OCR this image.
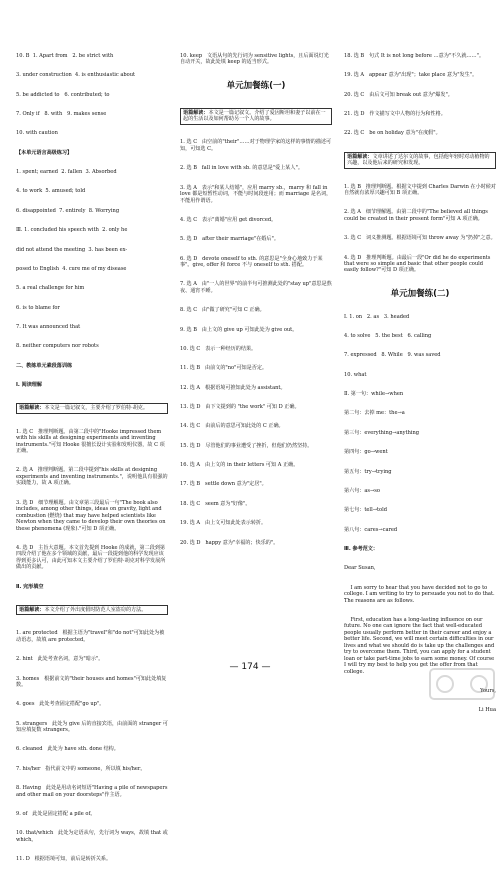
10. B  1. Apart from   2. be strict with

3. under construction  4. is enthusiastic about

5. be addicted to   6. contributed; to

7. Only if   8. with   9. makes sense

10. with caution

【本单元语言高级练习】

1. spent; earned  2. fallen  3. Absorbed

4. to work  5. amused; told

6. disappointed  7. entirely  8. Worrying

Ⅲ. 1. concluded his speech with  2. only he

did not attend the meeting  3. has been ex-

posed to English  4. cure me of my disease

5. a real challenge for him

6. is to blame for

7. It was announced that

8. neither computers nor robots

二、教练单元素段落训练

Ⅰ. 阅读理解

语篇解读：本文是一篇记叙文，主要介绍了罗伯特·胡克。

1. 选 C   推理判断题。由第二段中的"Hooke impressed them with his skills at designing experiments and inventing instruments."可知 Hooke 很擅长设计实验和发明仪器，故 C 项正确。

2. 选 A   推理判断题。第二段中提到"his skills at designing experiments and inventing instruments."，说明他具有很强的实践能力，故 A 项正确。

3. 选 D   细节理解题。由文章第三段最后一句"The book also includes, among other things, ideas on gravity, light and combustion (燃烧) that may have helped scientists like Newton when they came to develop their own theories on these phenomena (现象)."可知 D 项正确。

4. 选 D   主旨大意题。本文首先提到 Hooke 的成就，第二段到第四段介绍了他在多个领域的贡献，最后一段提到他的科学发现应该得到更多认可，由此可知本文主要介绍了罗伯特·胡克对科学发展所做出的贡献。

Ⅱ. 完形填空

语篇解读：本文介绍了外出度假时防范人室盗窃的方法。

1. are protected   根据主语为"travel"和"do not"可知此处为被动语态，故填 are protected。

2. hint   此处考查名词，意为"暗示"。

3. homes   根据前文的"their houses and homes"可知此处填复数。

4. goes   此处考查固定搭配"go up"。

5. strangers   此处为 give 后的直接宾语，由前面的 stranger 可知应填复数 strangers。

6. cleaned   此处为 have sth. done 结构。

7. his/her   指代前文中的 someone，所以填 his/her。

8. Having   此处是用动名词短语"Having a pile of newspapers and other mail on your doorsteps"作主语。

9. of   此处是固定搭配 a pile of。

10. that/which   此处为定语从句，先行词为 ways，故填 that 或 which。

11. D   根据语境可知，前后是转折关系。

10. keep   文语从句的先行词为 sensitive lights，且后面说灯光自动开关，故此处填 keep 的适当形式。

单元加餐练(一)

语篇解读：本文是一篇记叙文。介绍了爱因斯坦和妻子以前在一起的生活以及如何帮助另一个人的故事。

1. 选 C   由空前的"their"……对于物理学家的这样的事情的描述可知，可知选 C。

2. 选 B   fall in love with sb. 的意思是"爱上某人"。

3. 选 A   表示"和某人结婚"，应用 marry sb.，marry 和 fall in love 都是短暂性动词，不能与时间段连用；而 marriage 是名词，不能用作谓语。

4. 选 C   表示"离婚"应用 get divorced。

5. 选 D   after their marriage"在婚后"。

6. 选 D   devote oneself to sth. 的意思是"全身心地致力于某事"。give, offer 和 force 不与 oneself to sth. 搭配。

7. 选 A   由"一人的世界"的前半句可推测此处的"stay up"意思是熬夜、通宵不睡。

8. 选 C   由"做了研究"可知 C 正确。

9. 选 B   由上文的 give up 可知此处为 give out。

10. 选 C   表示一种经历的结果。

11. 选 B   由前文的"no"可知是否定。

12. 选 A   根据语境可推知此处为 assistant。

13. 选 D   由下文提到的 "the work" 可知 D 正确。

14. 选 C   由前后的意思可知此处的 C 正确。

15. 选 D   尽管他们的事业遭受了挫折，但他们仍然坚持。

16. 选 A   由上文的 in their letters 可知 A 正确。

17. 选 B   settle down 意为"定居"。

18. 选 C   seem 意为"好像"。

19. 选 A   由上文可知此处表示转折。

20. 选 D   happy 意为"幸福的；快乐的"。

18. 选 B   句式 It is not long before …意为"不久就……"。

19. 选 A   appear 意为"出现"；take place 意为"发生"。

20. 选 C   由后文可知 break out 意为"爆发"。

21. 选 D   作文描写文中人物的行为和性格。

22. 选 C   be on holiday 意为"在度假"。

语篇解读：文章讲述了达尔文的故事，包括他年轻时对动植物的兴趣，以及他后来的研究和发现。

1. 选 B   推理判断题。根据文中提到 Charles Darwin 在小时候对自然就有浓厚兴趣可知 B 项正确。

2. 选 A   细节理解题。由第二段中的"The believed all things could be created in their present form"可知 A 项正确。

3. 选 C   词义推测题。根据语境可知 throw away 为"扔掉"之意。

4. 选 D   推理判断题。由最后一段"Or did he do experiments that were so simple and basic that other people could easily follow?"可知 D 项正确。

单元加餐练(二)

Ⅰ. 1. on   2. as   3. headed

4. to solve   5. the best   6. calling

7. expressed   8. While   9. was saved

10. what

Ⅱ. 第一句：while→when

第二句：去掉 me：the→a

第三句：everything→anything

第四句：go→went

第五句：try→trying

第六句：as→so

第七句：tell→told

第八句：cares→cared

Ⅲ. 参考范文：

Dear Susan,

I am sorry to hear that you have decided not to go to college. I am writing to try to persuade you not to do that. The reasons are as follows.

First, education has a long-lasting influence on our future. No one can ignore the fact that well-educated people usually perform better in their career and enjoy a better life. Second, we will meet certain difficulties in our lives and what we should do is take up the challenges and try to overcome them. Third, you can apply for a student loan or take part-time jobs to earn some money. Of course I will try my best to help you get the offer from that college.

Yours,

Li Hua

— 174 —
